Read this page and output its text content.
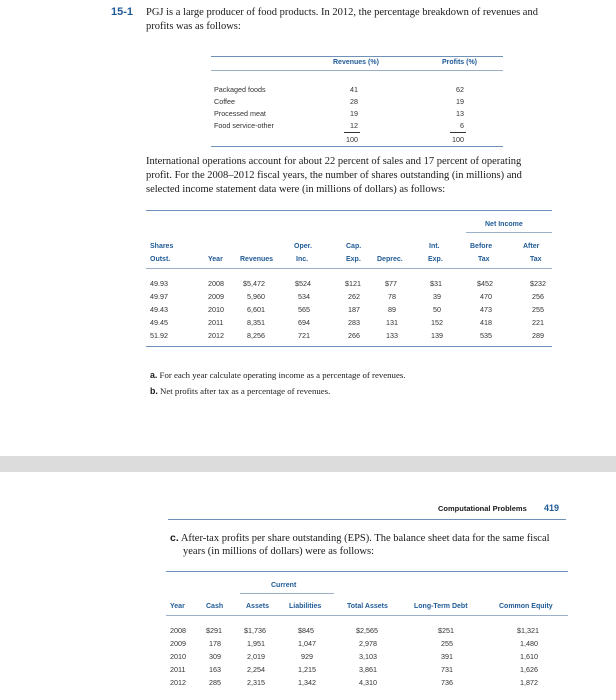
15-1 PGJ is a large producer of food products. In 2012, the percentage breakdown of revenues and
profits was as follows:
Revenues (%)	Profits (%)
Packaged foods	41	62
Coffee	28	19
Processed meat	19	13
Food service-other	12	6
100	100
International operations account for about 22 percent of sales and 17 percent of operating
profit. For the 2008–2012 fiscal years, the number of shares outstanding (in millions) and
selected income statement data were (in millions of dollars) as follows:
Net Income
Shares	Oper.	Cap.	Int.	Before	After
Outst.	Year Revenues	Inc.	Exp. Deprec.	Exp.	Tax	Tax
49.93	2008	$5,472	$524	$121	$77	$31	$452	$232
49.97	2009	5,960	534	262	78	39	470	256
49.43	2010	6,601	565	187	89	50	473	255
49.45	2011	8,351	694	283	131	152	418	221
51.92	2012	8,256	721	266	133	139	535	289
a. For each year calculate operating income as a percentage of revenues.
b. Net profits after tax as a percentage of revenues.
Computational Problems 419
c. After-tax profits per share outstanding (EPS). The balance sheet data for the same fiscal
years (in millions of dollars) were as follows:
Current
Year	Cash	Assets	Liabilities	Total Assets	Long-Term Debt	Common Equity
2008	$291	$1,736	$845	$2,565	$251	$1,321
2009	178	1,951	1,047	2,978	255	1,480
2010	309	2,019	929	3,103	391	1,610
2011	163	2,254	1,215	3,861	731	1,626
2012	285	2,315	1,342	4,310	736	1,872
